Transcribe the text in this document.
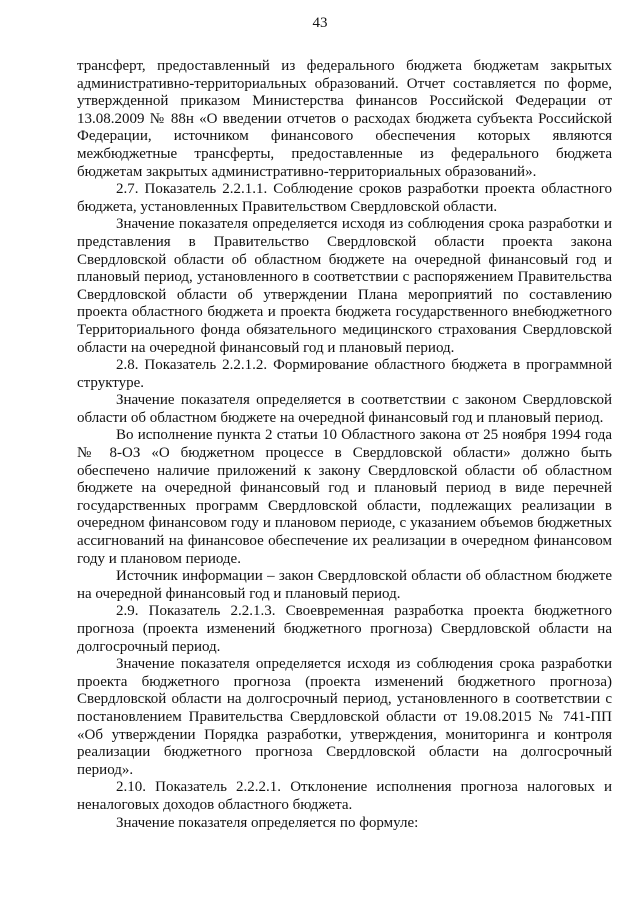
43

трансферт, предоставленный из федерального бюджета бюджетам закрытых административно-территориальных образований. Отчет составляется по форме, утвержденной приказом Министерства финансов Российской Федерации от 13.08.2009 № 88н «О введении отчетов о расходах бюджета субъекта Российской Федерации, источником финансового обеспечения которых являются межбюджетные трансферты, предоставленные из федерального бюджета бюджетам закрытых административно-территориальных образований».

2.7. Показатель 2.2.1.1. Соблюдение сроков разработки проекта областного бюджета, установленных Правительством Свердловской области.

Значение показателя определяется исходя из соблюдения срока разработки и представления в Правительство Свердловской области проекта закона Свердловской области об областном бюджете на очередной финансовый год и плановый период, установленного в соответствии с распоряжением Правительства Свердловской области об утверждении Плана мероприятий по составлению проекта областного бюджета и проекта бюджета государственного внебюджетного Территориального фонда обязательного медицинского страхования Свердловской области на очередной финансовый год и плановый период.

2.8. Показатель 2.2.1.2. Формирование областного бюджета в программной структуре.

Значение показателя определяется в соответствии с законом Свердловской области об областном бюджете на очередной финансовый год и плановый период.

Во исполнение пункта 2 статьи 10 Областного закона от 25 ноября 1994 года № 8-ОЗ «О бюджетном процессе в Свердловской области» должно быть обеспечено наличие приложений к закону Свердловской области об областном бюджете на очередной финансовый год и плановый период в виде перечней государственных программ Свердловской области, подлежащих реализации в очередном финансовом году и плановом периоде, с указанием объемов бюджетных ассигнований на финансовое обеспечение их реализации в очередном финансовом году и плановом периоде.

Источник информации – закон Свердловской области об областном бюджете на очередной финансовый год и плановый период.

2.9. Показатель 2.2.1.3. Своевременная разработка проекта бюджетного прогноза (проекта изменений бюджетного прогноза) Свердловской области на долгосрочный период.

Значение показателя определяется исходя из соблюдения срока разработки проекта бюджетного прогноза (проекта изменений бюджетного прогноза) Свердловской области на долгосрочный период, установленного в соответствии с постановлением Правительства Свердловской области от 19.08.2015 № 741-ПП «Об утверждении Порядка разработки, утверждения, мониторинга и контроля реализации бюджетного прогноза Свердловской области на долгосрочный период».

2.10. Показатель 2.2.2.1. Отклонение исполнения прогноза налоговых и неналоговых доходов областного бюджета.

Значение показателя определяется по формуле:
